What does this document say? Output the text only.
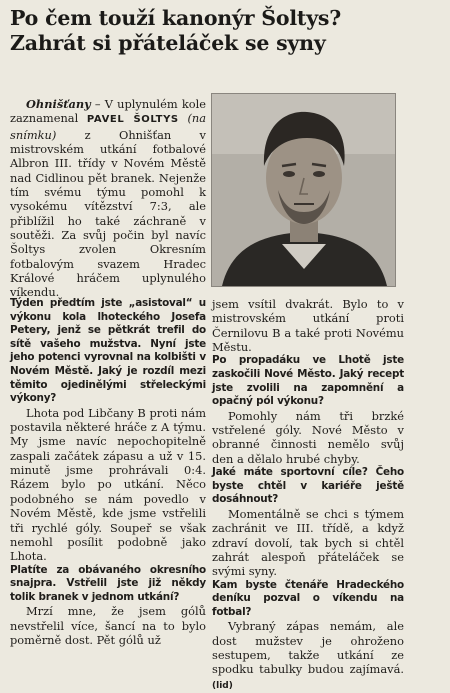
Po čem touží kanonýr Šoltys?
Zahrát si přáteláček se syny

Ohnišťany – V uplynulém kole zaznamenal PAVEL ŠOLTYS (na snímku) z Ohnišťan v mistrovském utkání fotbalové Albron III. třídy v Novém Městě nad Cidlinou pět branek. Nejenže tím svému týmu pomohl k vysokému vítězství 7:3, ale přiblížil ho také záchraně v soutěži. Za svůj počin byl navíc Šoltys zvolen Okresním fotbalovým svazem Hradec Králové hráčem uplynulého víkendu.

Týden předtím jste „asistoval“ u výkonu kola lhoteckého Josefa Petery, jenž se pětkrát trefil do sítě vašeho mužstva. Nyní jste jeho potenci vyrovnal na kolbišti v Novém Městě. Jaký je rozdíl mezi těmito ojedinělými střeleckými výkony?

Lhota pod Libčany B proti nám postavila některé hráče z A týmu. My jsme navíc nepochopitelně zaspali začátek zápasu a už v 15. minutě jsme prohrávali 0:4. Rázem bylo po utkání. Něco podobného se nám povedlo v Novém Městě, kde jsme vstřelili tři rychlé góly. Soupeř se však nemohl posílit podobně jako Lhota.

Platíte za obávaného okresního snajpra. Vstřelil jste již někdy tolik branek v jednom utkání?

Mrzí mne, že jsem gólů nevstřelil více, šancí na to bylo poměrně dost. Pět gólů už

jsem vsítil dvakrát. Bylo to v mistrovském utkání proti Černilovu B a také proti Novému Městu.

Po propadáku ve Lhotě jste zaskočili Nové Město. Jaký recept jste zvolili na zapomnění a opačný pól výkonu?

Pomohly nám tři brzké vstřelené góly. Nové Město v obranné činnosti nemělo svůj den a dělalo hrubé chyby.

Jaké máte sportovní cíle? Čeho byste chtěl v kariéře ještě dosáhnout?

Momentálně se chci s týmem zachránit ve III. třídě, a když zdraví dovolí, tak bych si chtěl zahrát alespoň přáteláček se svými syny.

Kam byste čtenáře Hradeckého deníku pozval o víkendu na fotbal?

Vybraný zápas nemám, ale dost mužstev je ohroženo sestupem, takže utkání ze spodku tabulky budou zajímavá. (lid)
